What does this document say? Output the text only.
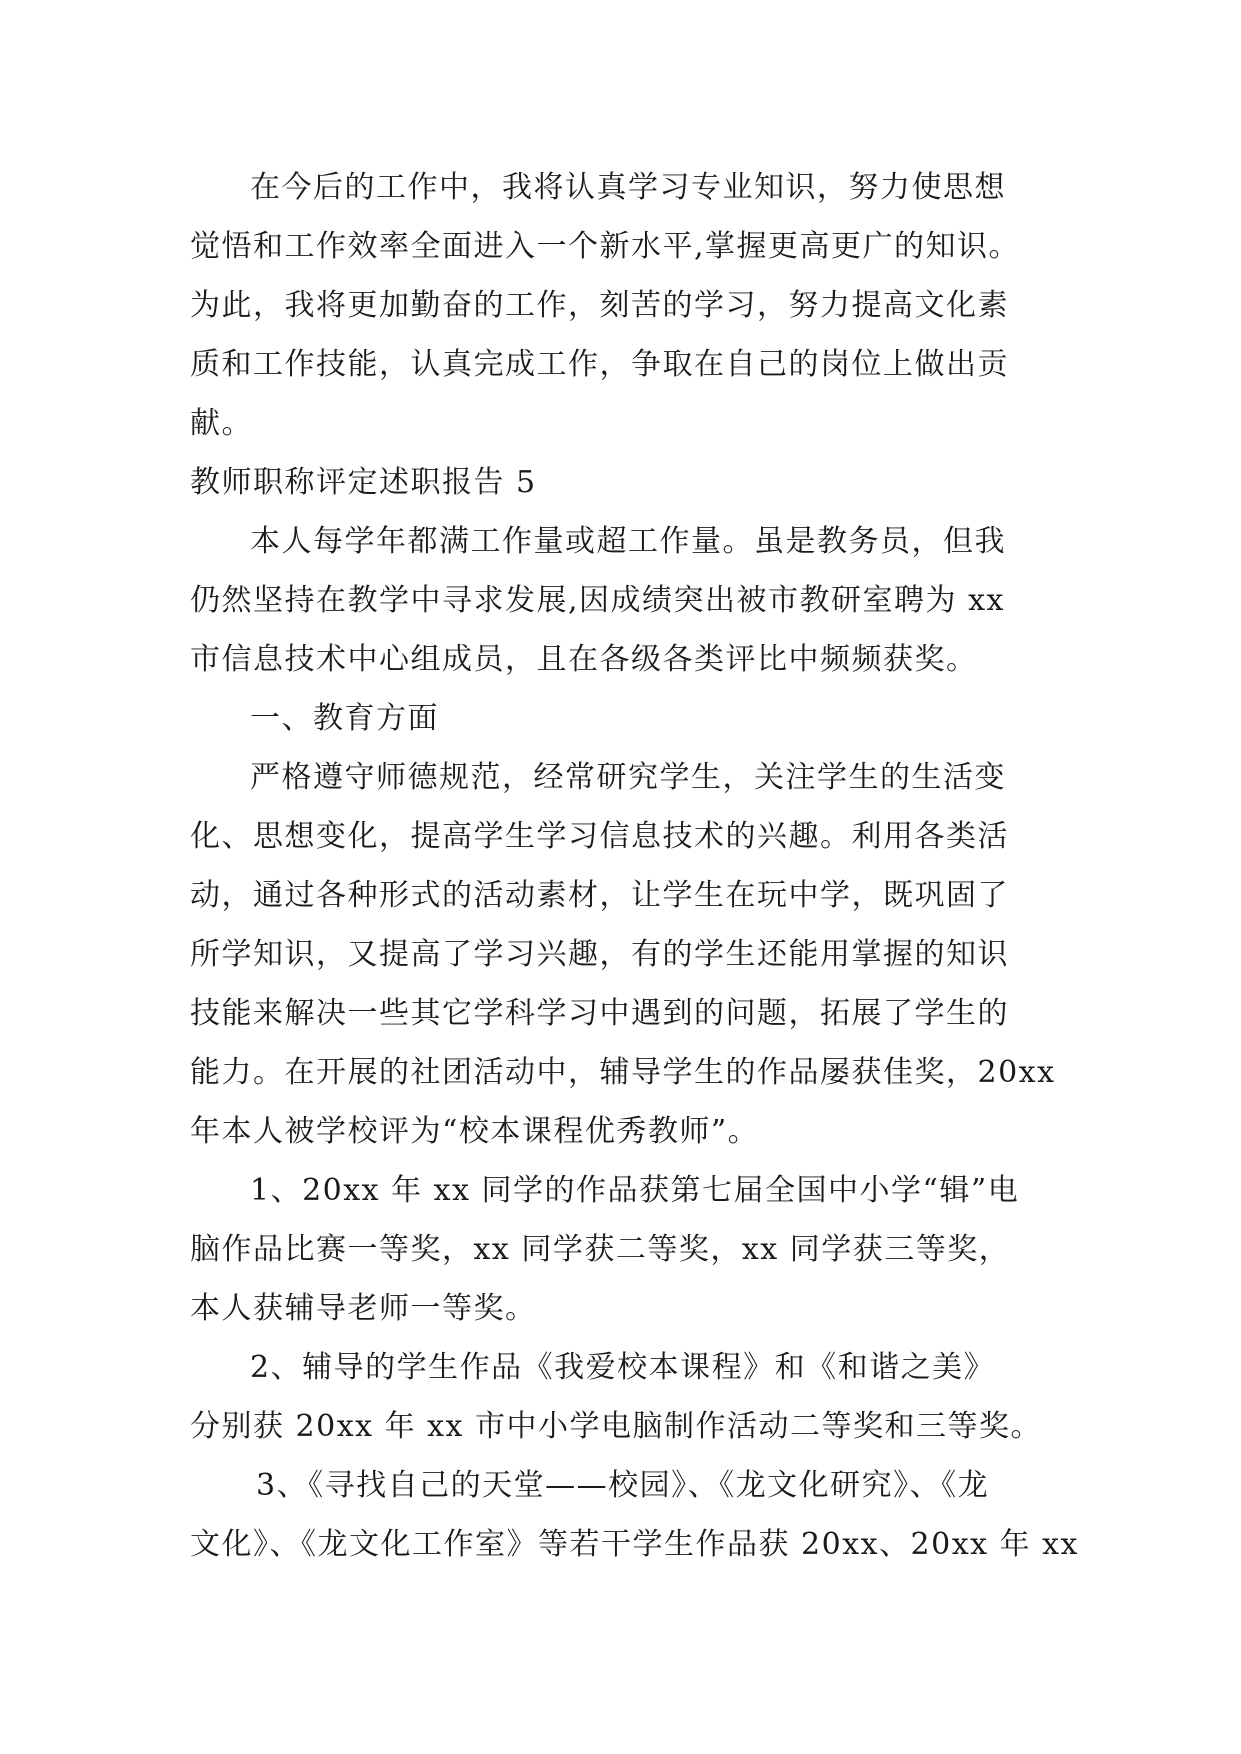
在今后的工作中，我将认真学习专业知识，努力使思想
觉悟和工作效率全面进入一个新水平,掌握更高更广的知识。
为此，我将更加勤奋的工作，刻苦的学习，努力提高文化素
质和工作技能，认真完成工作，争取在自己的岗位上做出贡
献。
教师职称评定述职报告 5
本人每学年都满工作量或超工作量。虽是教务员，但我
仍然坚持在教学中寻求发展,因成绩突出被市教研室聘为 xx
市信息技术中心组成员，且在各级各类评比中频频获奖。
一、教育方面
严格遵守师德规范，经常研究学生，关注学生的生活变
化、思想变化，提高学生学习信息技术的兴趣。利用各类活
动，通过各种形式的活动素材，让学生在玩中学，既巩固了
所学知识，又提高了学习兴趣，有的学生还能用掌握的知识
技能来解决一些其它学科学习中遇到的问题，拓展了学生的
能力。在开展的社团活动中，辅导学生的作品屡获佳奖，20xx
年本人被学校评为“校本课程优秀教师”。
1、20xx 年 xx 同学的作品获第七届全国中小学“辑”电
脑作品比赛一等奖，xx 同学获二等奖，xx 同学获三等奖，
本人获辅导老师一等奖。
2、辅导的学生作品《我爱校本课程》和《和谐之美》
分别获 20xx 年 xx 市中小学电脑制作活动二等奖和三等奖。
3、《寻找自己的天堂——校园》、《龙文化研究》、《龙
文化》、《龙文化工作室》等若干学生作品获 20xx、20xx 年 xx
